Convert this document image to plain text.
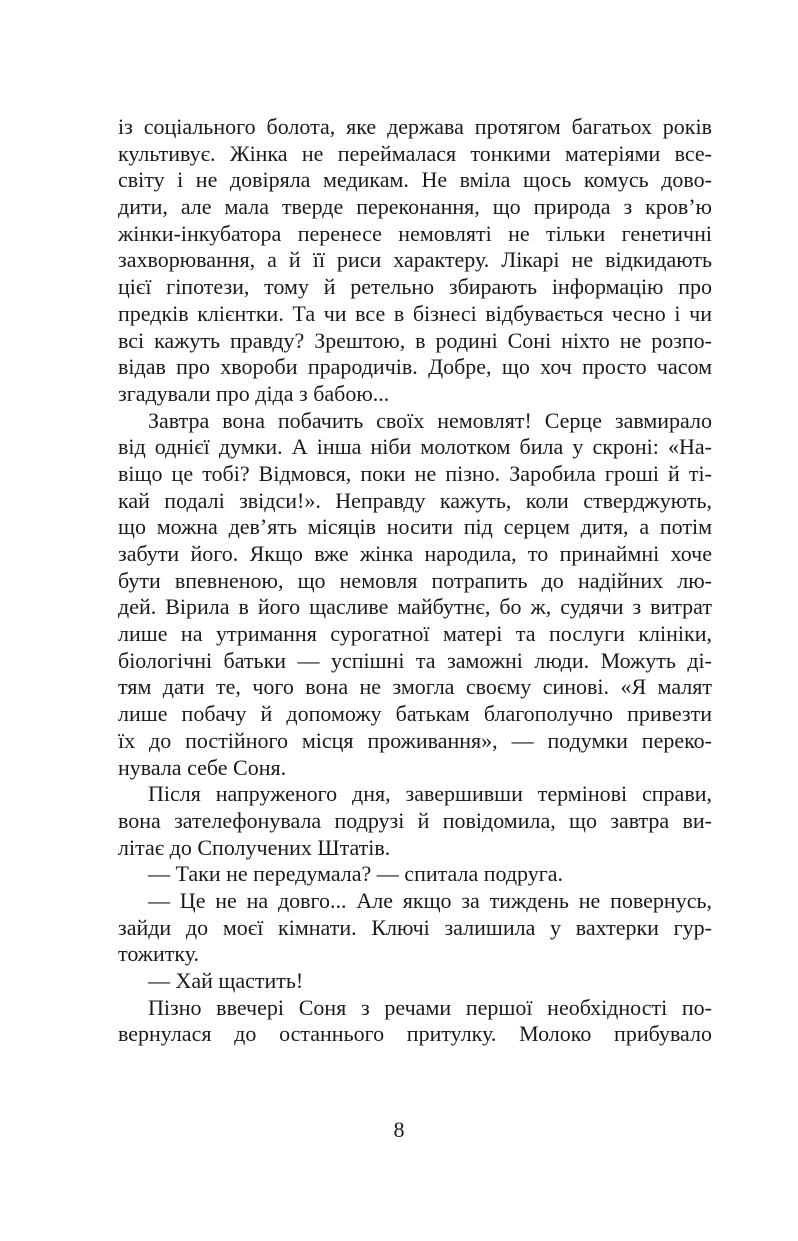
із соціального болота, яке держава протягом багатьох років
культивує. Жінка не переймалася тонкими матеріями все-
світу і не довіряла медикам. Не вміла щось комусь дово-
дити, але мала тверде переконання, що природа з кров’ю
жінки-інкубатора перенесе немовляті не тільки генетичні
захворювання, а й її риси характеру. Лікарі не відкидають
цієї гіпотези, тому й ретельно збирають інформацію про
предків клієнтки. Та чи все в бізнесі відбувається чесно і чи
всі кажуть правду? Зрештою, в родині Соні ніхто не розпо-
відав про хвороби прародичів. Добре, що хоч просто часом
згадували про діда з бабою...
Завтра вона побачить своїх немовлят! Серце завмирало
від однієї думки. А інша ніби молотком била у скроні: «На-
віщо це тобі? Відмовся, поки не пізно. Заробила гроші й ті-
кай подалі звідси!». Неправду кажуть, коли стверджують,
що можна дев’ять місяців носити під серцем дитя, а потім
забути його. Якщо вже жінка народила, то принаймні хоче
бути впевненою, що немовля потрапить до надійних лю-
дей. Вірила в його щасливе майбутнє, бо ж, судячи з витрат
лише на утримання сурогатної матері та послуги клініки,
біологічні батьки — успішні та заможні люди. Можуть ді-
тям дати те, чого вона не змогла своєму синові. «Я малят
лише побачу й допоможу батькам благополучно привезти
їх до постійного місця проживання», — подумки переко-
нувала себе Соня.
Після напруженого дня, завершивши термінові справи,
вона зателефонувала подрузі й повідомила, що завтра ви-
літає до Сполучених Штатів.
— Таки не передумала? — спитала подруга.
— Це не на довго... Але якщо за тиждень не повернусь,
зайди до моєї кімнати. Ключі залишила у вахтерки гур-
тожитку.
— Хай щастить!
Пізно ввечері Соня з речами першої необхідності по-
вернулася до останнього притулку. Молоко прибувало
8
